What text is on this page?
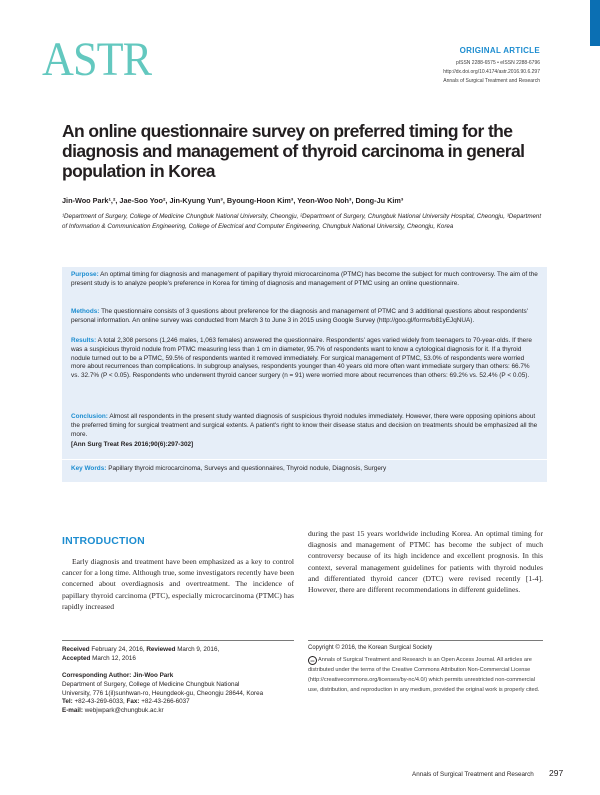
ASTR	ORIGINAL ARTICLE
pISSN 2288-6575 • eISSN 2288-6796
http://dx.doi.org/10.4174/astr.2016.90.6.297
Annals of Surgical Treatment and Research
An online questionnaire survey on preferred timing for the diagnosis and management of thyroid carcinoma in general population in Korea
Jin-Woo Park¹,², Jae-Soo Yoo², Jin-Kyung Yun³, Byoung-Hoon Kim³, Yeon-Woo Noh³, Dong-Ju Kim³
¹Department of Surgery, College of Medicine Chungbuk National University, Cheongju, ²Department of Surgery, Chungbuk National University Hospital, Cheongju, ³Department of Information & Communication Engineering, College of Electrical and Computer Engineering, Chungbuk National University, Cheongju, Korea
Purpose: An optimal timing for diagnosis and management of papillary thyroid microcarcinoma (PTMC) has become the subject for much controversy. The aim of the present study is to analyze people's preference in Korea for timing of diagnosis and management of PTMC using an online questionnaire.
Methods: The questionnaire consists of 3 questions about preference for the diagnosis and management of PTMC and 3 additional questions about respondents' personal information. An online survey was conducted from March 3 to June 3 in 2015 using Google Survey (http://goo.gl/forms/b81yEJqNUA).
Results: A total 2,308 persons (1,246 males, 1,063 females) answered the questionnaire. Respondents' ages varied widely from teenagers to 70-year-olds. If there was a suspicious thyroid nodule from PTMC measuring less than 1 cm in diameter, 95.7% of respondents want to know a cytological diagnosis for it. If a thyroid nodule turned out to be a PTMC, 59.5% of respondents wanted it removed immediately. For surgical management of PTMC, 53.0% of respondents were worried more about recurrences than complications. In subgroup analyses, respondents younger than 40 years old more often want immediate surgery than others: 66.7% vs. 32.7% (P < 0.05). Respondents who underwent thyroid cancer surgery (n = 91) were worried more about recurrences than others: 69.2% vs. 52.4% (P < 0.05).
Conclusion: Almost all respondents in the present study wanted diagnosis of suspicious thyroid nodules immediately. However, there were opposing opinions about the preferred timing for surgical treatment and surgical extents. A patient's right to know their disease status and decision on treatments should be emphasized all the more.
[Ann Surg Treat Res 2016;90(6):297-302]
Key Words: Papillary thyroid microcarcinoma, Surveys and questionnaires, Thyroid nodule, Diagnosis, Surgery
INTRODUCTION
Early diagnosis and treatment have been emphasized as a key to control cancer for a long time. Although true, some investigators recently have been concerned about overdiagnosis and overtreatment. The incidence of papillary thyroid carcinoma (PTC), especially microcarcinoma (PTMC) has rapidly increased
during the past 15 years worldwide including Korea. An optimal timing for diagnosis and management of PTMC has become the subject of much controversy because of its high incidence and excellent prognosis. In this context, several management guidelines for patients with thyroid nodules and differentiated thyroid cancer (DTC) were revised recently [1-4]. However, there are different recommendations in different guidelines.
Received February 24, 2016, Reviewed March 9, 2016,
Accepted March 12, 2016
Corresponding Author: Jin-Woo Park
Department of Surgery, College of Medicine Chungbuk National
University, 776 1(il)sunhwan-ro, Heungdeok-gu, Cheongju 28644, Korea
Tel: +82-43-269-6033, Fax: +82-43-266-6037
E-mail: webjwpark@chungbuk.ac.kr
Copyright © 2016, the Korean Surgical Society
cc Annals of Surgical Treatment and Research is an Open Access Journal. All articles are distributed under the terms of the Creative Commons Attribution Non-Commercial License (http://creativecommons.org/licenses/by-nc/4.0/) which permits unrestricted non-commercial use, distribution, and reproduction in any medium, provided the original work is properly cited.
Annals of Surgical Treatment and Research 297
